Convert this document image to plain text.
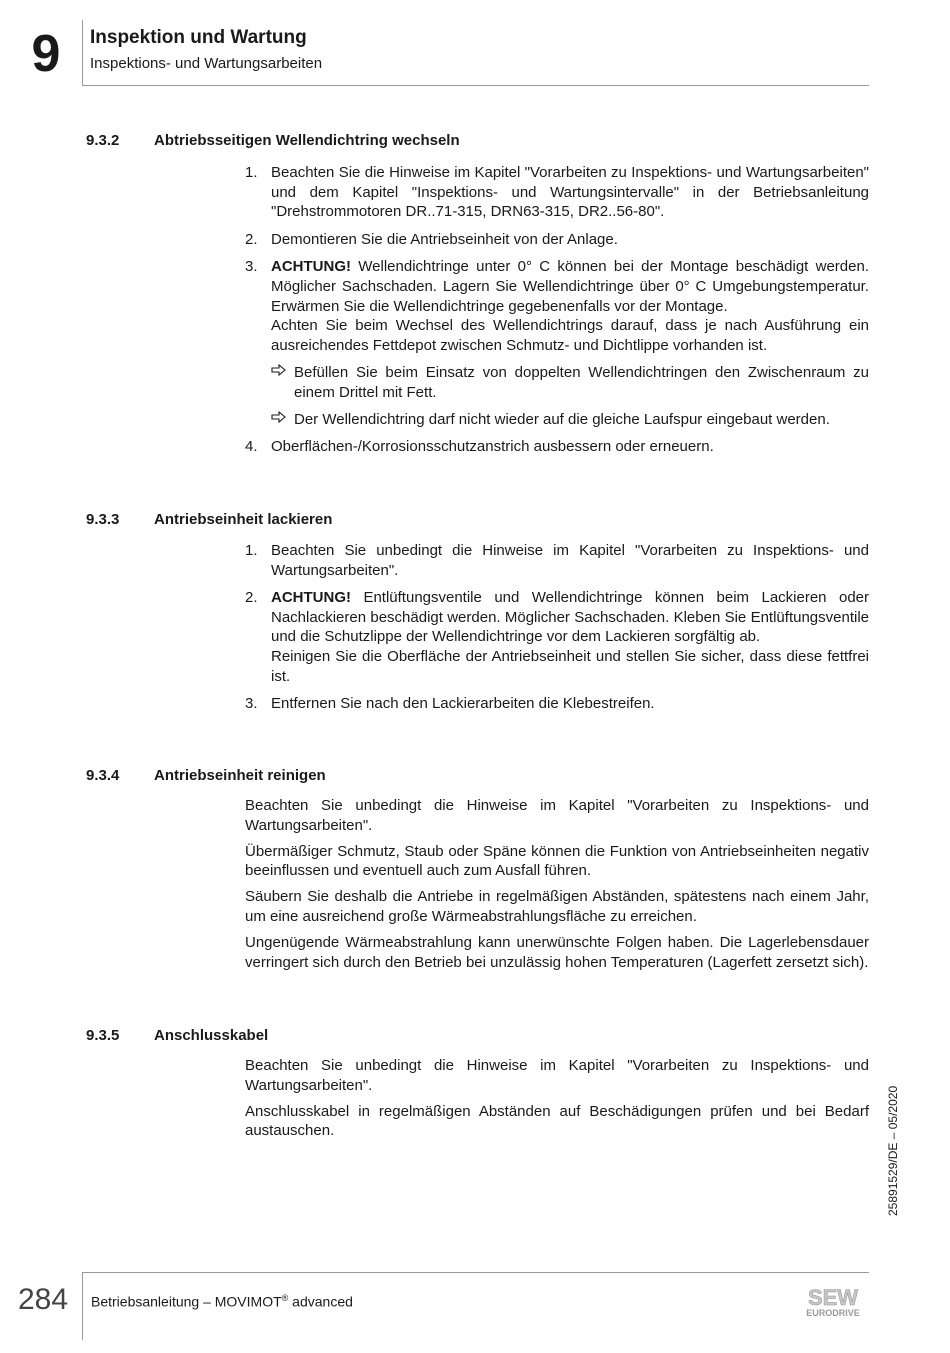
9	Inspektion und Wartung
Inspektions- und Wartungsarbeiten
9.3.2 Abtriebsseitigen Wellendichtring wechseln
1. Beachten Sie die Hinweise im Kapitel "Vorarbeiten zu Inspektions- und Wartungsarbeiten" und dem Kapitel "Inspektions- und Wartungsintervalle" in der Betriebsanleitung "Drehstrommotoren DR..71-315, DRN63-315, DR2..56-80".

2. Demontieren Sie die Antriebseinheit von der Anlage.

3. ACHTUNG! Wellendichtringe unter 0° C können bei der Montage beschädigt werden. Möglicher Sachschaden. Lagern Sie Wellendichtringe über 0° C Umgebungstemperatur. Erwärmen Sie die Wellendichtringe gegebenenfalls vor der Montage.

Achten Sie beim Wechsel des Wellendichtrings darauf, dass je nach Ausführung ein ausreichendes Fettdepot zwischen Schmutz- und Dichtlippe vorhanden ist.

Befüllen Sie beim Einsatz von doppelten Wellendichtringen den Zwischenraum zu einem Drittel mit Fett.
Der Wellendichtring darf nicht wieder auf die gleiche Laufspur eingebaut werden.
4. Oberflächen-/Korrosionsschutzanstrich ausbessern oder erneuern.

9.3.3 Antriebseinheit lackieren
1. Beachten Sie unbedingt die Hinweise im Kapitel "Vorarbeiten zu Inspektions- und Wartungsarbeiten".

2. ACHTUNG! Entlüftungsventile und Wellendichtringe können beim Lackieren oder Nachlackieren beschädigt werden. Möglicher Sachschaden. Kleben Sie Entlüftungsventile und die Schutzlippe der Wellendichtringe vor dem Lackieren sorgfältig ab.

Reinigen Sie die Oberfläche der Antriebseinheit und stellen Sie sicher, dass diese fettfrei ist.

3. Entfernen Sie nach den Lackierarbeiten die Klebestreifen.

9.3.4 Antriebseinheit reinigen

Beachten Sie unbedingt die Hinweise im Kapitel "Vorarbeiten zu Inspektions- und Wartungsarbeiten".

Übermäßiger Schmutz, Staub oder Späne können die Funktion von Antriebseinheiten negativ beeinflussen und eventuell auch zum Ausfall führen.

Säubern Sie deshalb die Antriebe in regelmäßigen Abständen, spätestens nach einem Jahr, um eine ausreichend große Wärmeabstrahlungsfläche zu erreichen.

Ungenügende Wärmeabstrahlung kann unerwünschte Folgen haben. Die Lagerlebensdauer verringert sich durch den Betrieb bei unzulässig hohen Temperaturen (Lagerfett zersetzt sich).

9.3.5 Anschlusskabel

Beachten Sie unbedingt die Hinweise im Kapitel "Vorarbeiten zu Inspektions- und Wartungsarbeiten".

Anschlusskabel in regelmäßigen Abständen auf Beschädigungen prüfen und bei Bedarf austauschen.	25891529/DE – 05/2020
284 Betriebsanleitung – MOVIMOT® advanced	SEW
EURODRIVE
